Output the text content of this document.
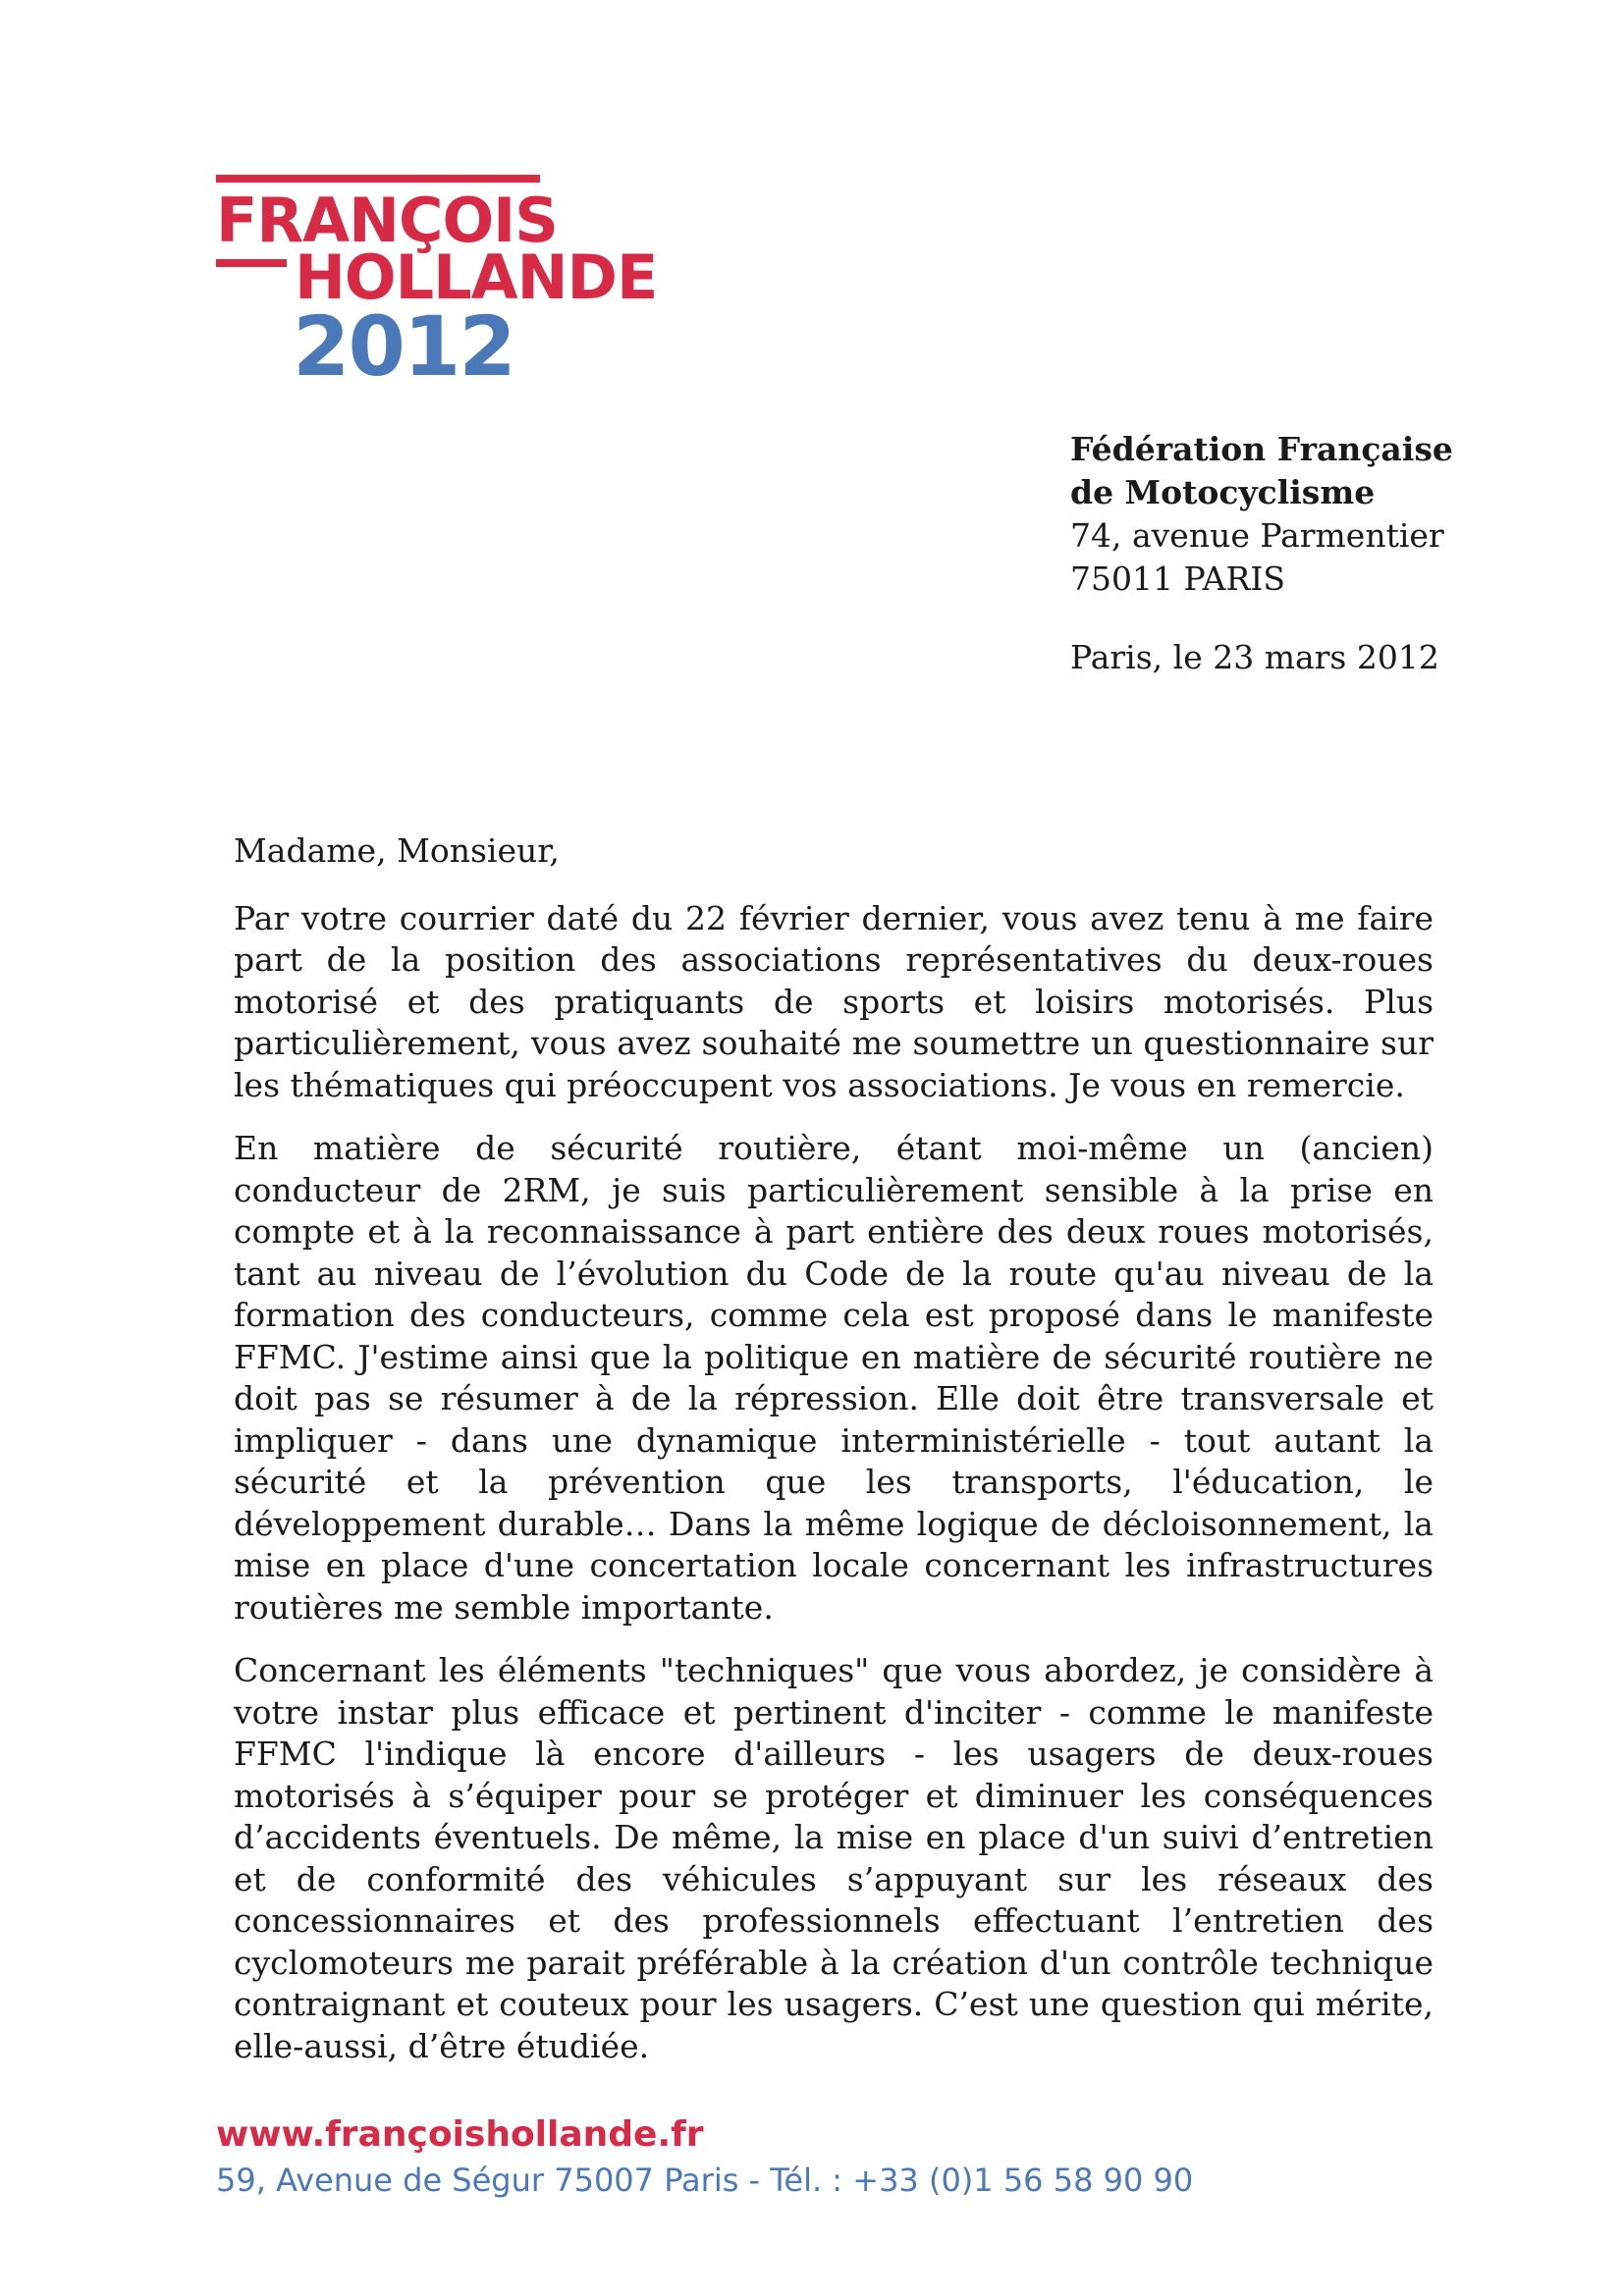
FRANÇOIS
HOLLANDE
2012
Fédération Française
de Motocyclisme
74, avenue Parmentier
75011 PARIS
Paris, le 23 mars 2012

Madame, Monsieur,

Par votre courrier daté du 22 février dernier, vous avez tenu à me faire part de la position des associations représentatives du deux-roues motorisé et des pratiquants de sports et loisirs motorisés. Plus particulièrement, vous avez souhaité me soumettre un questionnaire sur les thématiques qui préoccupent vos associations. Je vous en remercie.

En matière de sécurité routière, étant moi-même un (ancien) conducteur de 2RM, je suis particulièrement sensible à la prise en compte et à la reconnaissance à part entière des deux roues motorisés, tant au niveau de l’évolution du Code de la route qu'au niveau de la formation des conducteurs, comme cela est proposé dans le manifeste FFMC. J'estime ainsi que la politique en matière de sécurité routière ne doit pas se résumer à de la répression. Elle doit être transversale et impliquer - dans une dynamique interministérielle - tout autant la sécurité et la prévention que les transports, l'éducation, le développement durable… Dans la même logique de décloisonnement, la mise en place d'une concertation locale concernant les infrastructures routières me semble importante.

Concernant les éléments "techniques" que vous abordez, je considère à votre instar plus efficace et pertinent d'inciter - comme le manifeste FFMC l'indique là encore d'ailleurs - les usagers de deux-roues motorisés à s’équiper pour se protéger et diminuer les conséquences d’accidents éventuels. De même, la mise en place d'un suivi d’entretien et de conformité des véhicules s’appuyant sur les réseaux des concessionnaires et des professionnels effectuant l’entretien des cyclomoteurs me parait préférable à la création d'un contrôle technique contraignant et couteux pour les usagers. C’est une question qui mérite, elle-aussi, d’être étudiée.

www.françoishollande.fr
59, Avenue de Ségur 75007 Paris - Tél. : +33 (0)1 56 58 90 90
